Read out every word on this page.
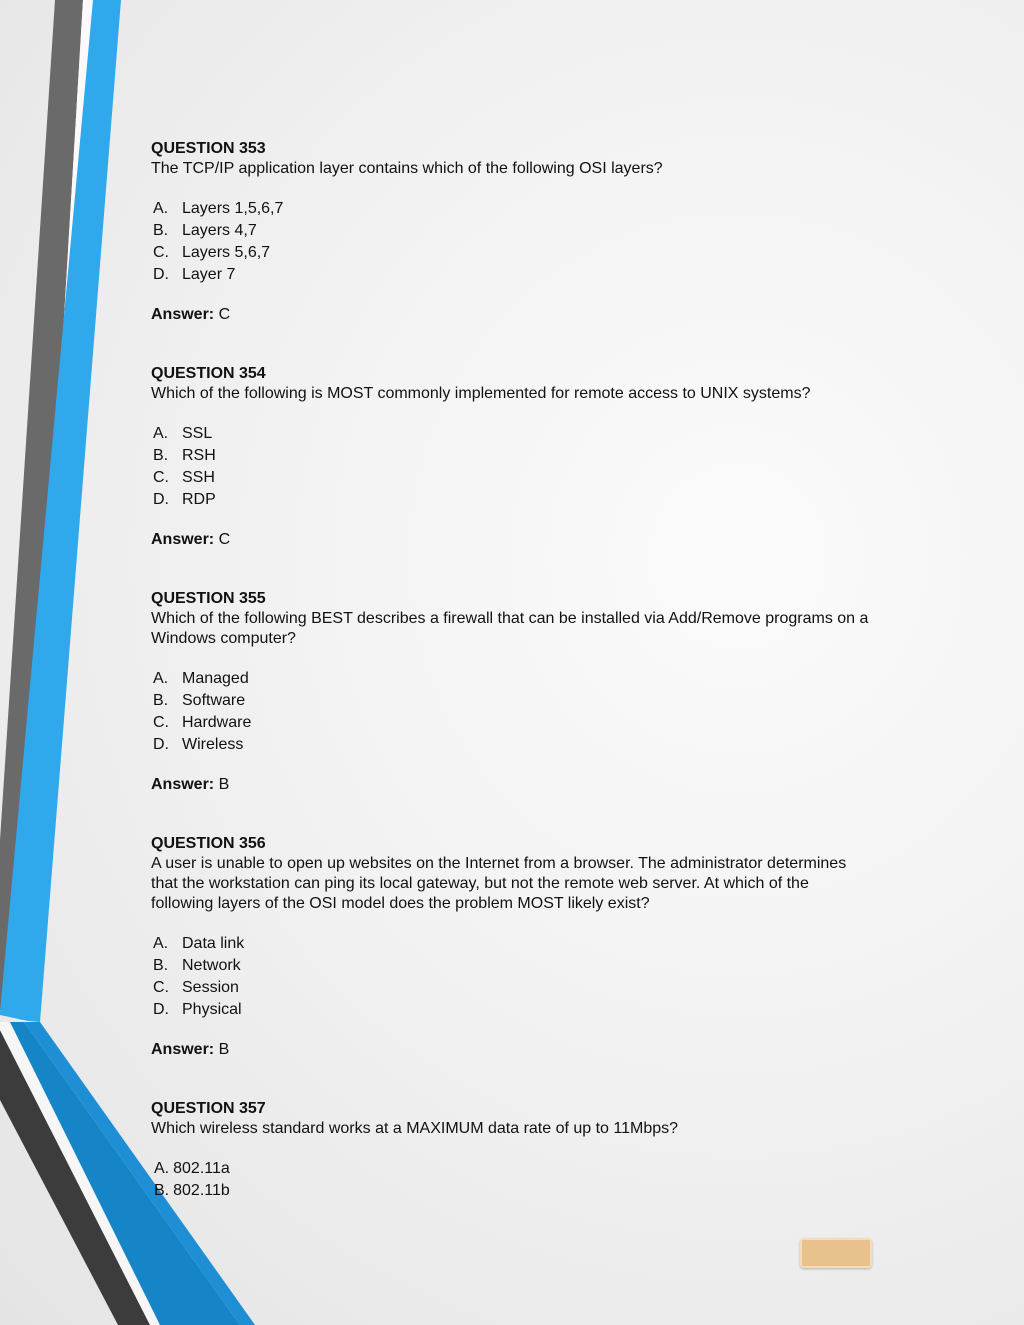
QUESTION 353

The TCP/IP application layer contains which of the following OSI layers?

A. Layers 1,5,6,7
B. Layers 4,7
C. Layers 5,6,7
D. Layer 7

Answer: C

QUESTION 354

Which of the following is MOST commonly implemented for remote access to UNIX systems?

A. SSL
B. RSH
C. SSH
D. RDP

Answer: C

QUESTION 355

Which of the following BEST describes a firewall that can be installed via Add/Remove programs on a Windows computer?

A. Managed
B. Software
C. Hardware
D. Wireless

Answer: B

QUESTION 356

A user is unable to open up websites on the Internet from a browser. The administrator determines that the workstation can ping its local gateway, but not the remote web server. At which of the following layers of the OSI model does the problem MOST likely exist?

A. Data link
B. Network
C. Session
D. Physical

Answer: B

QUESTION 357

Which wireless standard works at a MAXIMUM data rate of up to 11Mbps?

A. 802.11a
B. 802.11b
